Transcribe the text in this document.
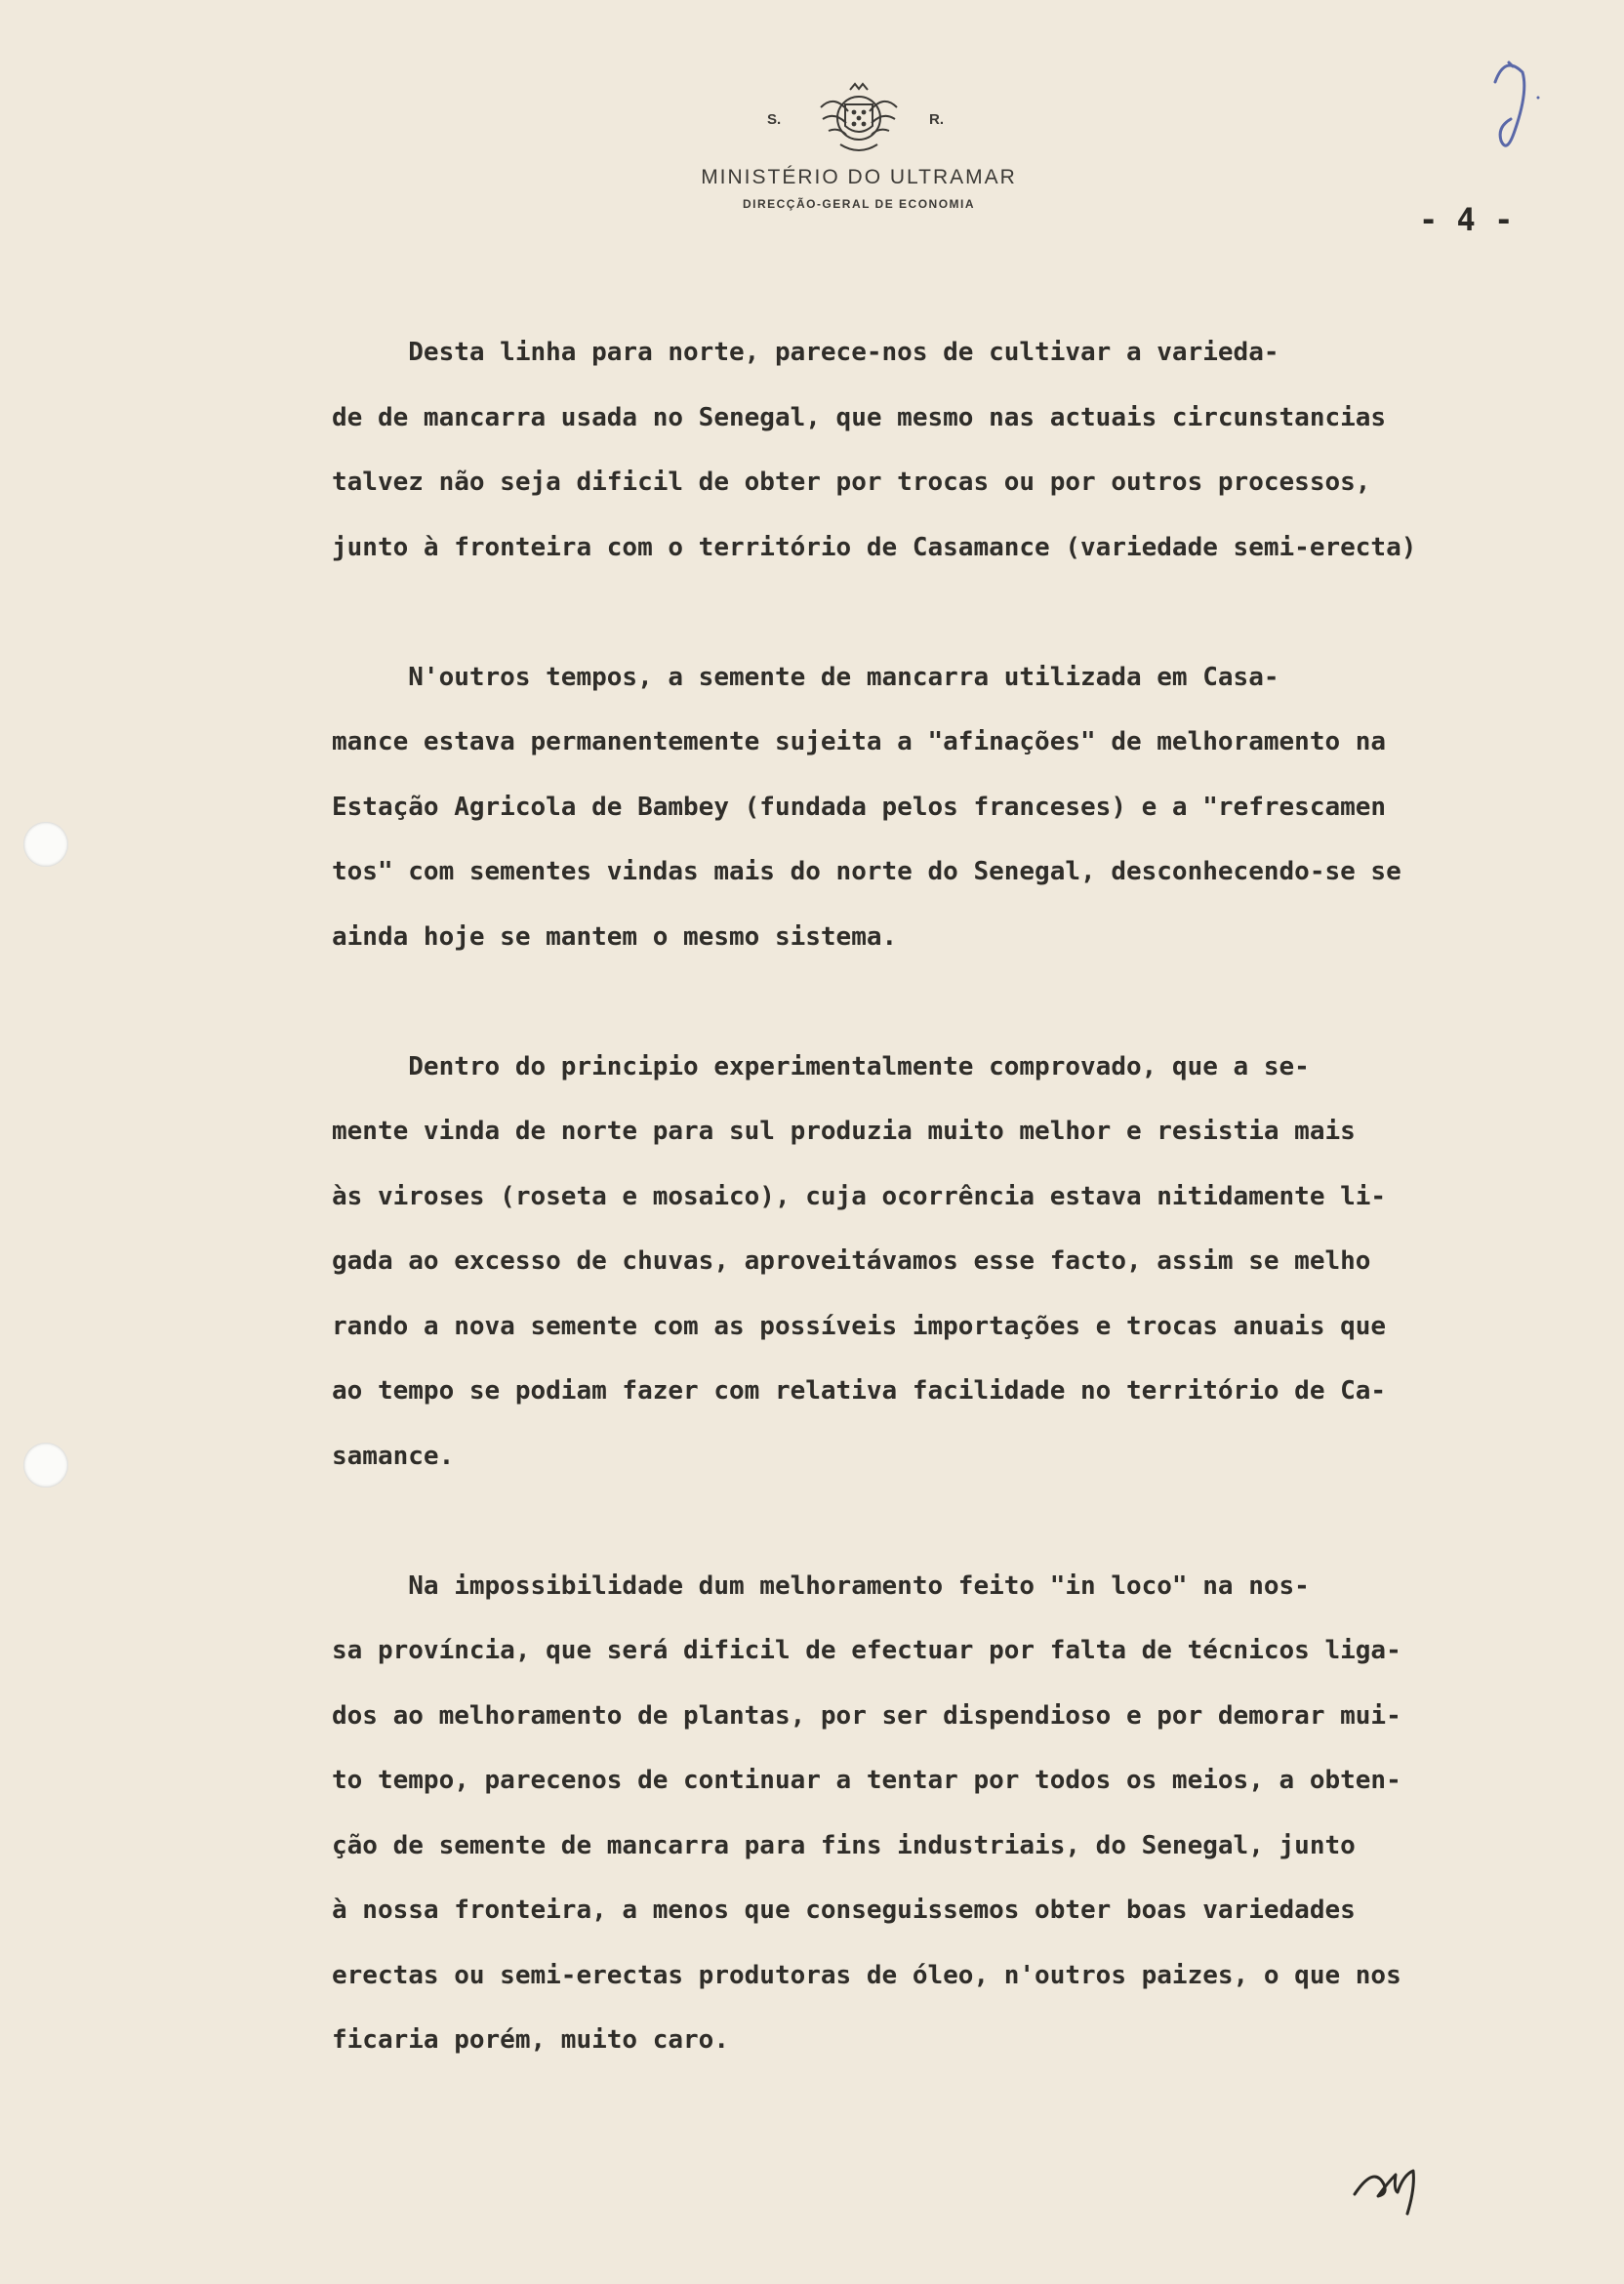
S.	R.
MINISTÉRIO DO ULTRAMAR
DIRECÇÃO-GERAL DE ECONOMIA	- 4 -
Desta linha para norte, parece-nos de cultivar a varieda-
de de mancarra usada no Senegal, que mesmo nas actuais circunstancias
talvez não seja dificil de obter por trocas ou por outros processos,
junto à fronteira com o território de Casamance (variedade semi-erecta)
N'outros tempos, a semente de mancarra utilizada em Casa-
mance estava permanentemente sujeita a "afinações" de melhoramento na
Estação Agricola de Bambey (fundada pelos franceses) e a "refrescamen
tos" com sementes vindas mais do norte do Senegal, desconhecendo-se se
ainda hoje se mantem o mesmo sistema.
Dentro do principio experimentalmente comprovado, que a se-
mente vinda de norte para sul produzia muito melhor e resistia mais
às viroses (roseta e mosaico), cuja ocorrência estava nitidamente li-
gada ao excesso de chuvas, aproveitávamos esse facto, assim se melho
rando a nova semente com as possíveis importações e trocas anuais que
ao tempo se podiam fazer com relativa facilidade no território de Ca-
samance.
Na impossibilidade dum melhoramento feito "in loco" na nos-
sa província, que será dificil de efectuar por falta de técnicos liga-
dos ao melhoramento de plantas, por ser dispendioso e por demorar mui-
to tempo, parecenos de continuar a tentar por todos os meios, a obten-
ção de semente de mancarra para fins industriais, do Senegal, junto
à nossa fronteira, a menos que conseguissemos obter boas variedades
erectas ou semi-erectas produtoras de óleo, n'outros paizes, o que nos
ficaria porém, muito caro.
